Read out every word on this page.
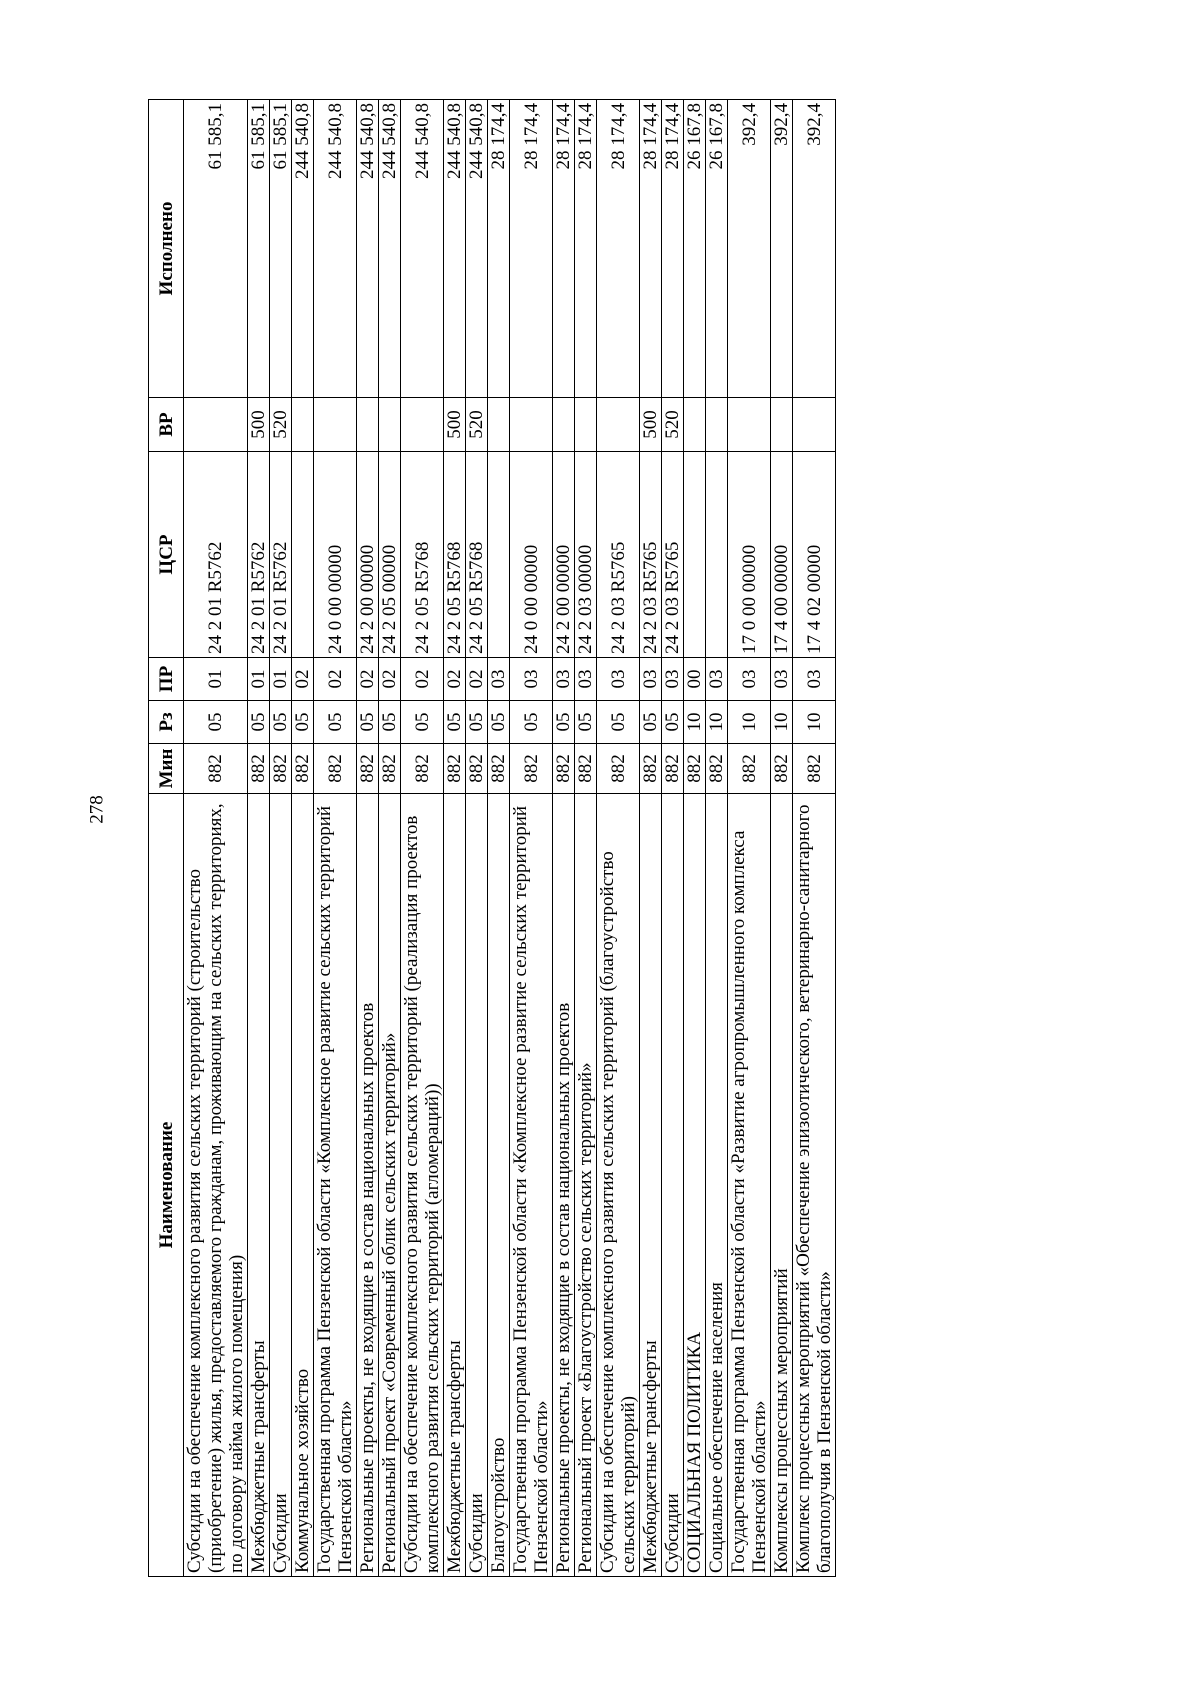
278
Наименование	Мин	Рз	ПР	ЦСР	ВР	Исполнено
Субсидии на обеспечение комплексного развития сельских территорий (строительство (приобретение) жилья, предоставляемого гражданам, проживающим на сельских территориях, по договору найма жилого помещения)	882	05	01	24 2 01 R5762		61 585,1
Межбюджетные трансферты	882	05	01	24 2 01 R5762	500	61 585,1
Субсидии	882	05	01	24 2 01 R5762	520	61 585,1
Коммунальное хозяйство	882	05	02			244 540,8
Государственная программа Пензенской области «Комплексное развитие сельских территорий Пензенской области»	882	05	02	24 0 00 00000		244 540,8
Региональные проекты, не входящие в состав национальных проектов	882	05	02	24 2 00 00000		244 540,8
Региональный проект «Современный облик сельских территорий»	882	05	02	24 2 05 00000		244 540,8
Субсидии на обеспечение комплексного развития сельских территорий (реализация проектов комплексного развития сельских территорий (агломераций))	882	05	02	24 2 05 R5768		244 540,8
Межбюджетные трансферты	882	05	02	24 2 05 R5768	500	244 540,8
Субсидии	882	05	02	24 2 05 R5768	520	244 540,8
Благоустройство	882	05	03			28 174,4
Государственная программа Пензенской области «Комплексное развитие сельских территорий Пензенской области»	882	05	03	24 0 00 00000		28 174,4
Региональные проекты, не входящие в состав национальных проектов	882	05	03	24 2 00 00000		28 174,4
Региональный проект «Благоустройство сельских территорий»	882	05	03	24 2 03 00000		28 174,4
Субсидии на обеспечение комплексного развития сельских территорий (благоустройство сельских территорий)	882	05	03	24 2 03 R5765		28 174,4
Межбюджетные трансферты	882	05	03	24 2 03 R5765	500	28 174,4
Субсидии	882	05	03	24 2 03 R5765	520	28 174,4
СОЦИАЛЬНАЯ ПОЛИТИКА	882	10	00			26 167,8
Социальное обеспечение населения	882	10	03			26 167,8
Государственная программа Пензенской области «Развитие агропромышленного комплекса Пензенской области»	882	10	03	17 0 00 00000		392,4
Комплексы процессных мероприятий	882	10	03	17 4 00 00000		392,4
Комплекс процессных мероприятий «Обеспечение эпизоотического, ветеринарно-санитарного благополучия в Пензенской области»	882	10	03	17 4 02 00000		392,4
